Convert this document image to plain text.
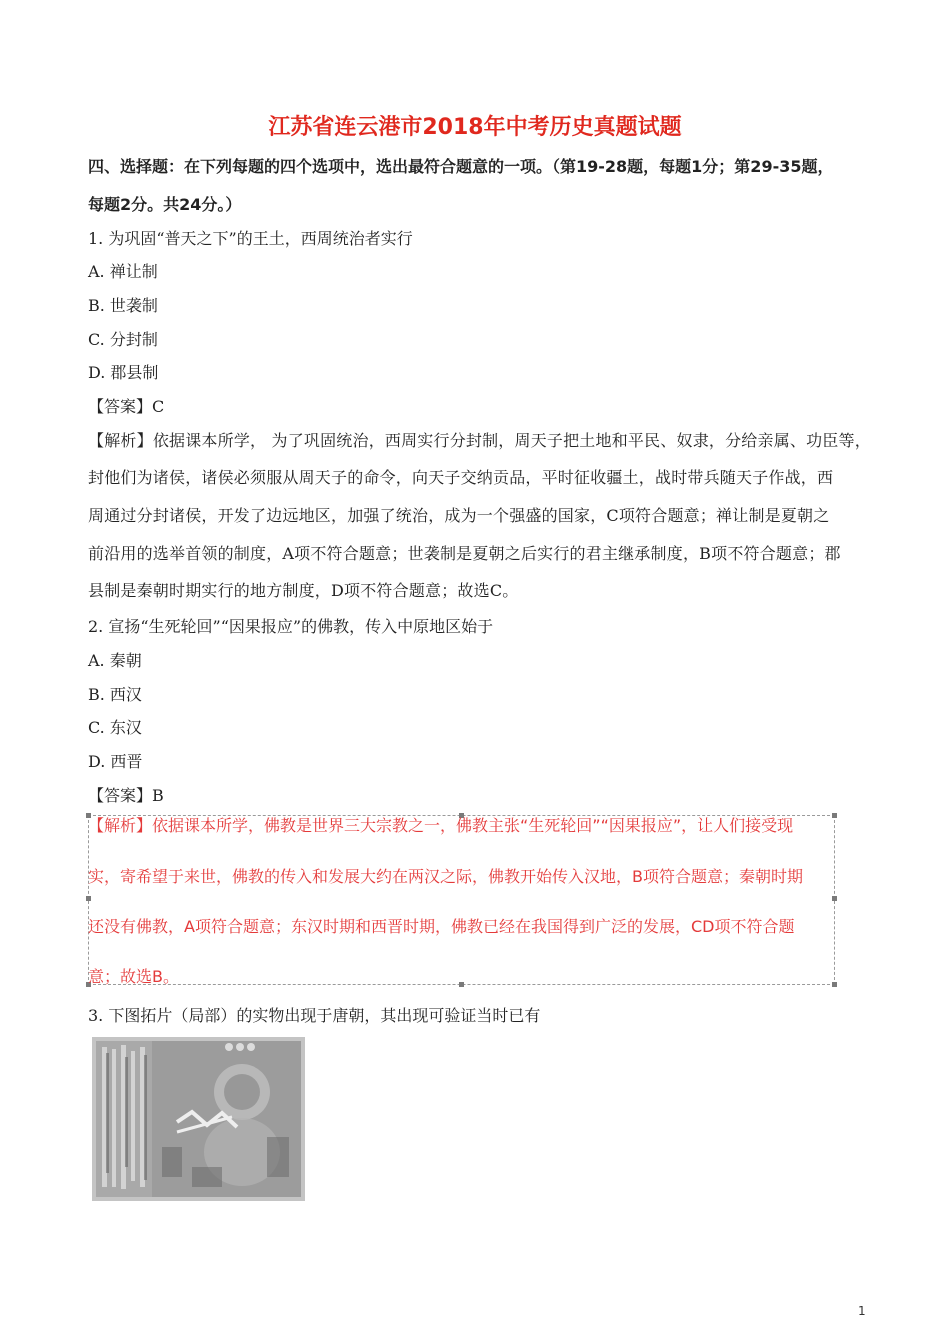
江苏省连云港市2018年中考历史真题试题
四、选择题：在下列每题的四个选项中，选出最符合题意的一项。（第19-28题，每题1分；第29-35题，
每题2分。共24分。）
1. 为巩固“普天之下”的王土，西周统治者实行
A. 禅让制
B. 世袭制
C. 分封制
D. 郡县制
【答案】C
【解析】依据课本所学， 为了巩固统治，西周实行分封制，周天子把土地和平民、奴隶，分给亲属、功臣等，
封他们为诸侯，诸侯必须服从周天子的命令，向天子交纳贡品，平时征收疆土，战时带兵随天子作战，西
周通过分封诸侯，开发了边远地区，加强了统治，成为一个强盛的国家，C项符合题意；禅让制是夏朝之
前沿用的选举首领的制度，A项不符合题意；世袭制是夏朝之后实行的君主继承制度，B项不符合题意；郡
县制是秦朝时期实行的地方制度，D项不符合题意；故选C。
2. 宣扬“生死轮回”“因果报应”的佛教，传入中原地区始于
A. 秦朝
B. 西汉
C. 东汉
D. 西晋
【答案】B
【解析】依据课本所学，佛教是世界三大宗教之一，佛教主张“生死轮回”“因果报应”，让人们接受现
实，寄希望于来世，佛教的传入和发展大约在两汉之际，佛教开始传入汉地，B项符合题意；秦朝时期
还没有佛教，A项符合题意；东汉时期和西晋时期，佛教已经在我国得到广泛的发展，CD项不符合题
意；故选B。
3. 下图拓片（局部）的实物出现于唐朝，其出现可验证当时已有
1
